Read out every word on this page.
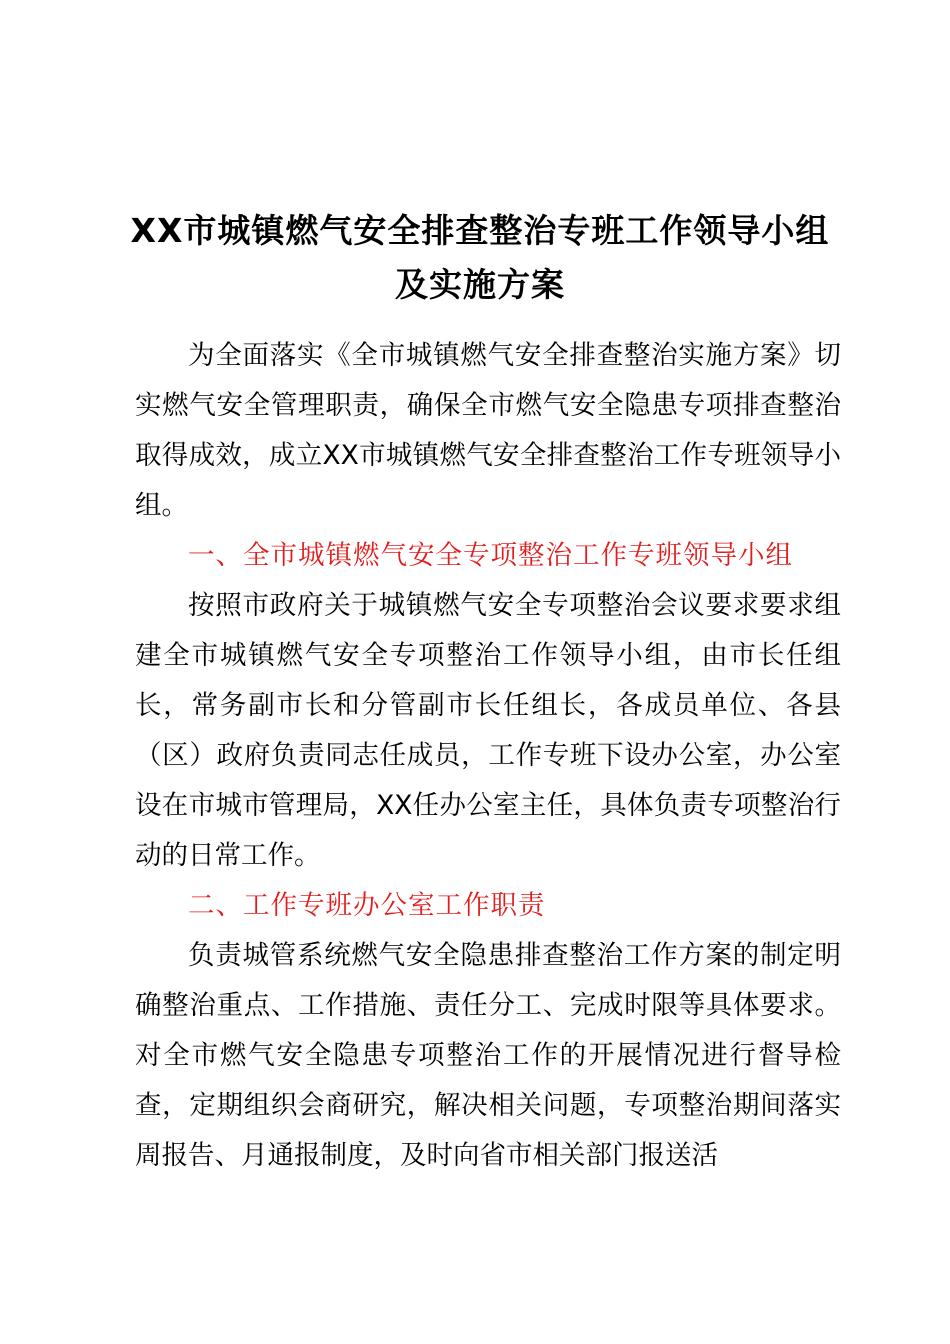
XX市城镇燃气安全排查整治专班工作领导小组及实施方案

为全面落实《全市城镇燃气安全排查整治实施方案》切实燃气安全管理职责，确保全市燃气安全隐患专项排查整治取得成效，成立XX市城镇燃气安全排查整治工作专班领导小组。

一、全市城镇燃气安全专项整治工作专班领导小组

按照市政府关于城镇燃气安全专项整治会议要求要求组建全市城镇燃气安全专项整治工作领导小组，由市长任组长，常务副市长和分管副市长任组长，各成员单位、各县（区）政府负责同志任成员，工作专班下设办公室，办公室设在市城市管理局，XX任办公室主任，具体负责专项整治行动的日常工作。

二、工作专班办公室工作职责

负责城管系统燃气安全隐患排查整治工作方案的制定明确整治重点、工作措施、责任分工、完成时限等具体要求。对全市燃气安全隐患专项整治工作的开展情况进行督导检查，定期组织会商研究，解决相关问题，专项整治期间落实周报告、月通报制度，及时向省市相关部门报送活
